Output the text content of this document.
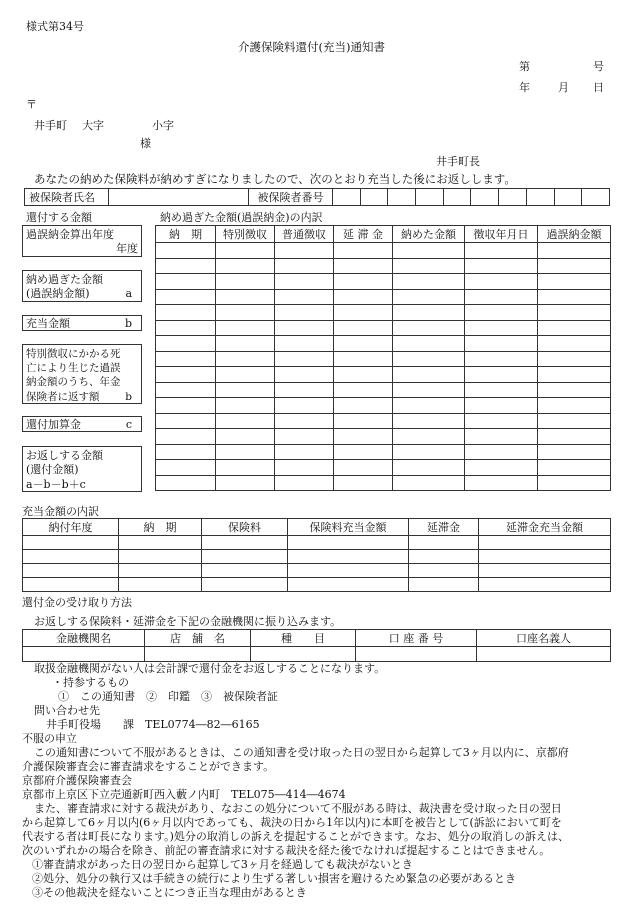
様式第34号
介護保険料還付(充当)通知書
第	号
年	月 日
〒
井手町 大字	小字
様
井手町長
あなたの納めた保険料が納めすぎになりましたので、次のとおり充当した後にお返しします。
被保険者氏名		被保険者番号										
還付する金額
過誤納金算出年度
年度
納め過ぎた金額
(過誤納金額)	a
充当金額	b
特別徴収にかかる死
亡により生じた過誤
納金額のうち、年金
保険者に返す額 b
還付加算金	c
お返しする金額
(還付金額)
a－b－b＋c
納め過ぎた金額(過誤納金)の内訳
納　期	特別徴収	普通徴収	延 滞 金	納めた金額	徴収年月日	過誤納金額

充当金額の内訳
納付年度	納　期	保険料	保険料充当金額	延滞金	延滞金充当金額

還付金の受け取り方法
お返しする保険料・延滞金を下記の金融機関に振り込みます。
金融機関名	店　舗　名	種　　目	口 座 番 号	口座名義人

取扱金融機関がない人は会計課で還付金をお返しすることになります。
・持参するもの
①　この通知書　②　印鑑　③　被保険者証
問い合わせ先
井手町役場　　課　TEL0774―82―6165
不服の申立
この通知書について不服があるときは、この通知書を受け取った日の翌日から起算して3ヶ月以内に、京都府
介護保険審査会に審査請求をすることができます。
京都府介護保険審査会
京都市上京区下立売通新町西入藪ノ内町　TEL075―414―4674
また、審査請求に対する裁決があり、なおこの処分について不服がある時は、裁決書を受け取った日の翌日
から起算して6ヶ月以内(6ヶ月以内であっても、裁決の日から1年以内)に本町を被告として(訴訟において町を
代表する者は町長になります。)処分の取消しの訴えを提起することができます。なお、処分の取消しの訴えは、
次のいずれかの場合を除き、前記の審査請求に対する裁決を経た後でなければ提起することはできません。
①審査請求があった日の翌日から起算して3ヶ月を経過しても裁決がないとき
②処分、処分の執行又は手続きの続行により生ずる著しい損害を避けるため緊急の必要があるとき
③その他裁決を経ないことにつき正当な理由があるとき
